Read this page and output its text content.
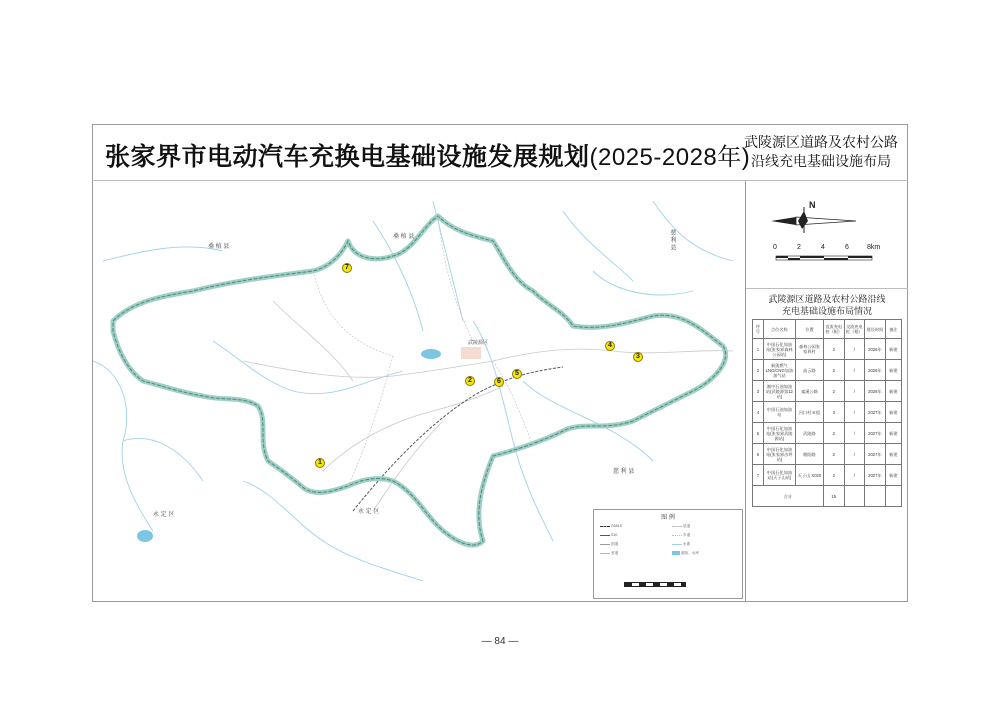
张家界市电动汽车充换电基础设施发展规划(2025-2028年)
武陵源区道路及农村公路
沿线充电基础设施布局
桑 植 县
桑 植 县	慈 利 县
慈 利 县
永 定 区	永 定 区
武陵源区
1
2
3
4
5
6
7
图 例
G5515
S10
国道
省道
县道
乡道
水系
湖泊、水库
N
0	2	4	6	8km
武陵源区道路及农村公路沿线
充电基础设施布局情况
序号	点位名称	位置	直流充电桩（根）	交流充电桩（根）	建设时间	备注
1	中国石化加油站(张家界森林公园站)	森林公园张家界村	2	/	2026年	新建
2	新奥燃气LNG/CNG加油加气站	高云路	2	/	2026年	新建
3	湘中石油加油站(武陵源第12站)	索溪公路	2	/	2026年	新建
4	中国石油加油站	河口村 8 组	3	/	2027年	新建
5	中国石化加油站(张家界武陵源站)	武陵路	2	/	2027年	新建
6	中国石化加油站(张家界沙坪站)	朝阳路	2	/	2027年	新建
7	中国石化加油站(天子山站)	天子山 X020	2	/	2027年	新建
合计			15			
— 84 —
